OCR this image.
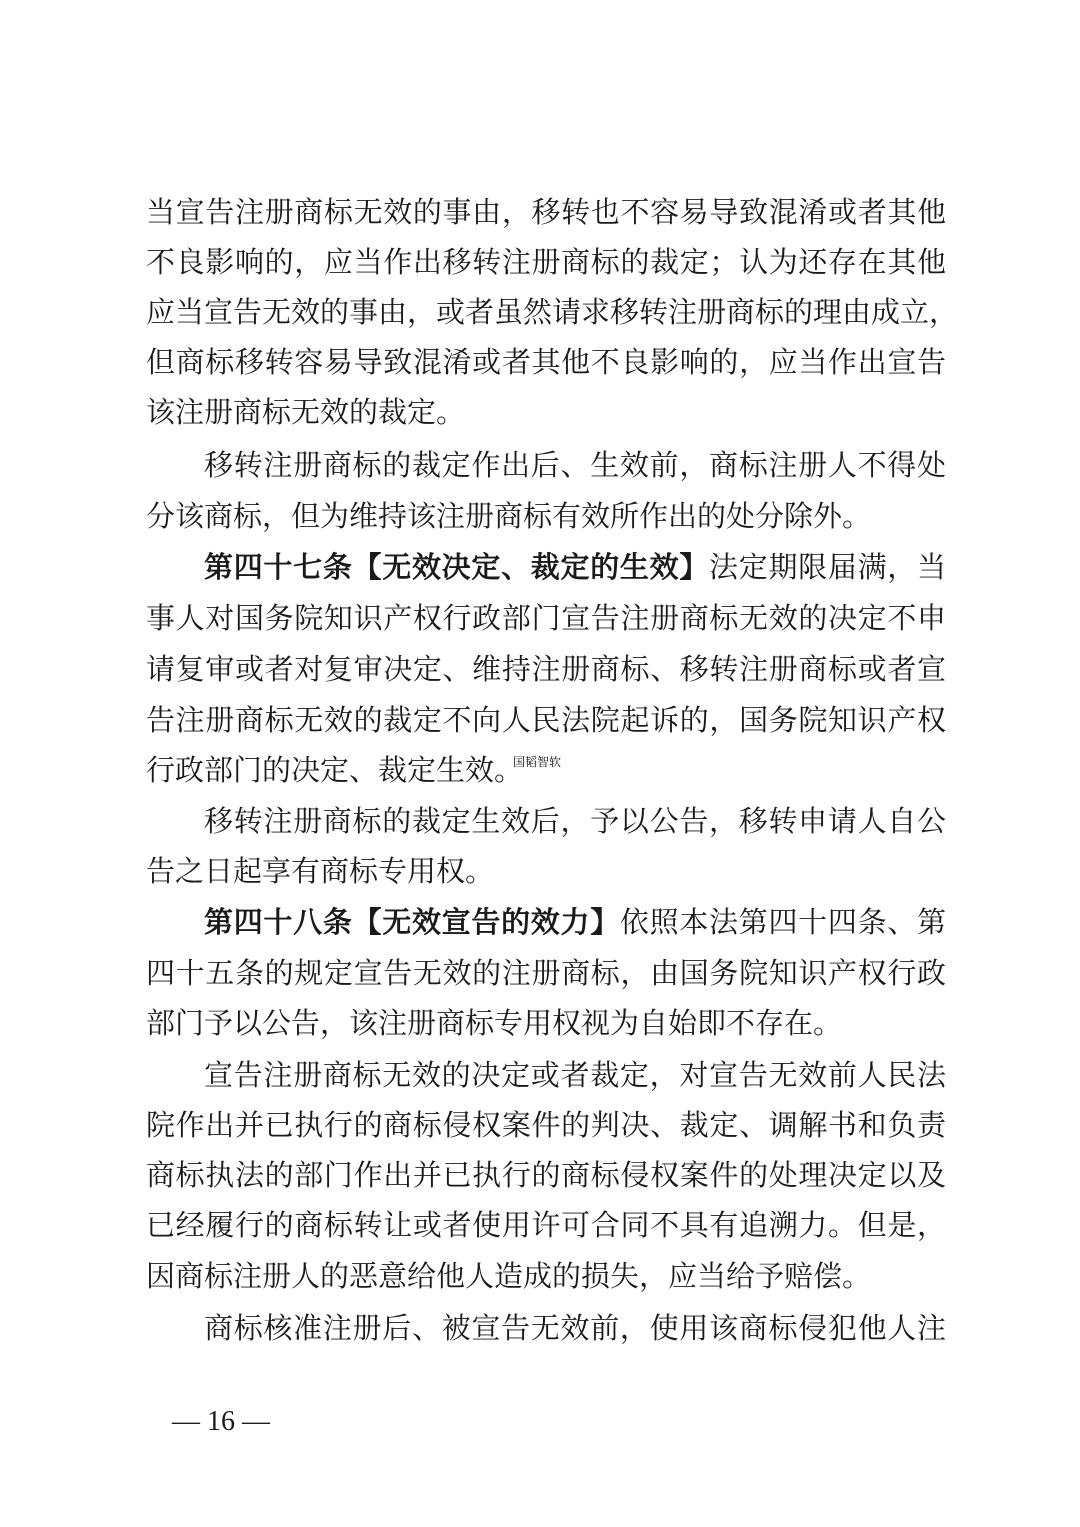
当宣告注册商标无效的事由，移转也不容易导致混淆或者其他
不良影响的，应当作出移转注册商标的裁定；认为还存在其他
应当宣告无效的事由，或者虽然请求移转注册商标的理由成立，
但商标移转容易导致混淆或者其他不良影响的，应当作出宣告
该注册商标无效的裁定。
移转注册商标的裁定作出后、生效前，商标注册人不得处
分该商标，但为维持该注册商标有效所作出的处分除外。
第四十七条【无效决定、裁定的生效】法定期限届满，当
事人对国务院知识产权行政部门宣告注册商标无效的决定不申
请复审或者对复审决定、维持注册商标、移转注册商标或者宣
告注册商标无效的裁定不向人民法院起诉的，国务院知识产权
行政部门的决定、裁定生效。
国韬智软
移转注册商标的裁定生效后，予以公告，移转申请人自公
告之日起享有商标专用权。
第四十八条【无效宣告的效力】依照本法第四十四条、第
四十五条的规定宣告无效的注册商标，由国务院知识产权行政
部门予以公告，该注册商标专用权视为自始即不存在。
宣告注册商标无效的决定或者裁定，对宣告无效前人民法
院作出并已执行的商标侵权案件的判决、裁定、调解书和负责
商标执法的部门作出并已执行的商标侵权案件的处理决定以及
已经履行的商标转让或者使用许可合同不具有追溯力。但是，
因商标注册人的恶意给他人造成的损失，应当给予赔偿。
商标核准注册后、被宣告无效前，使用该商标侵犯他人注
— 16 —
